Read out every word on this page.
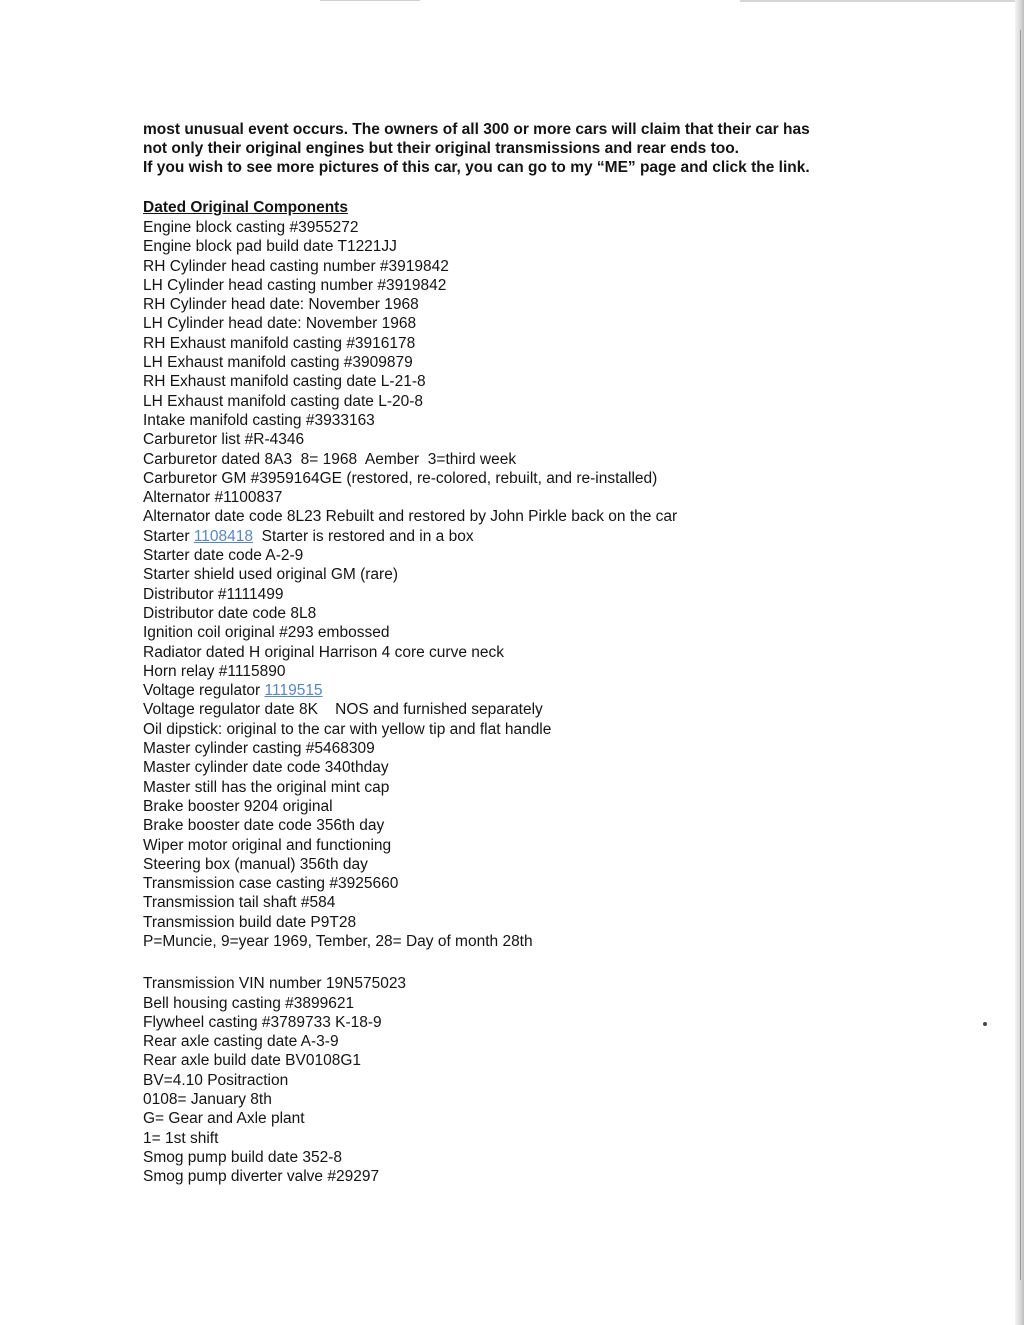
most unusual event occurs. The owners of all 300 or more cars will claim that their car has

not only their original engines but their original transmissions and rear ends too.

If you wish to see more pictures of this car, you can go to my “ME” page and click the link.

Dated Original Components
Engine block casting #3955272
Engine block pad build date T1221JJ
RH Cylinder head casting number #3919842
LH Cylinder head casting number #3919842
RH Cylinder head date: November 1968
LH Cylinder head date: November 1968
RH Exhaust manifold casting #3916178
LH Exhaust manifold casting #3909879
RH Exhaust manifold casting date L-21-8
LH Exhaust manifold casting date L-20-8
Intake manifold casting #3933163
Carburetor list #R-4346
Carburetor dated 8A3  8= 1968  Aember  3=third week
Carburetor GM #3959164GE (restored, re-colored, rebuilt, and re-installed)
Alternator #1100837
Alternator date code 8L23 Rebuilt and restored by John Pirkle back on the car
Starter 1108418  Starter is restored and in a box
Starter date code A-2-9
Starter shield used original GM (rare)
Distributor #1111499
Distributor date code 8L8
Ignition coil original #293 embossed
Radiator dated H original Harrison 4 core curve neck
Horn relay #1115890
Voltage regulator 1119515
Voltage regulator date 8K    NOS and furnished separately
Oil dipstick: original to the car with yellow tip and flat handle
Master cylinder casting #5468309
Master cylinder date code 340thday
Master still has the original mint cap
Brake booster 9204 original
Brake booster date code 356th day
Wiper motor original and functioning
Steering box (manual) 356th day
Transmission case casting #3925660
Transmission tail shaft #584
Transmission build date P9T28
P=Muncie, 9=year 1969, Tember, 28= Day of month 28th
Transmission VIN number 19N575023
Bell housing casting #3899621
Flywheel casting #3789733 K-18-9
Rear axle casting date A-3-9
Rear axle build date BV0108G1
BV=4.10 Positraction
0108= January 8th
G= Gear and Axle plant
1= 1st shift
Smog pump build date 352-8
Smog pump diverter valve #29297
